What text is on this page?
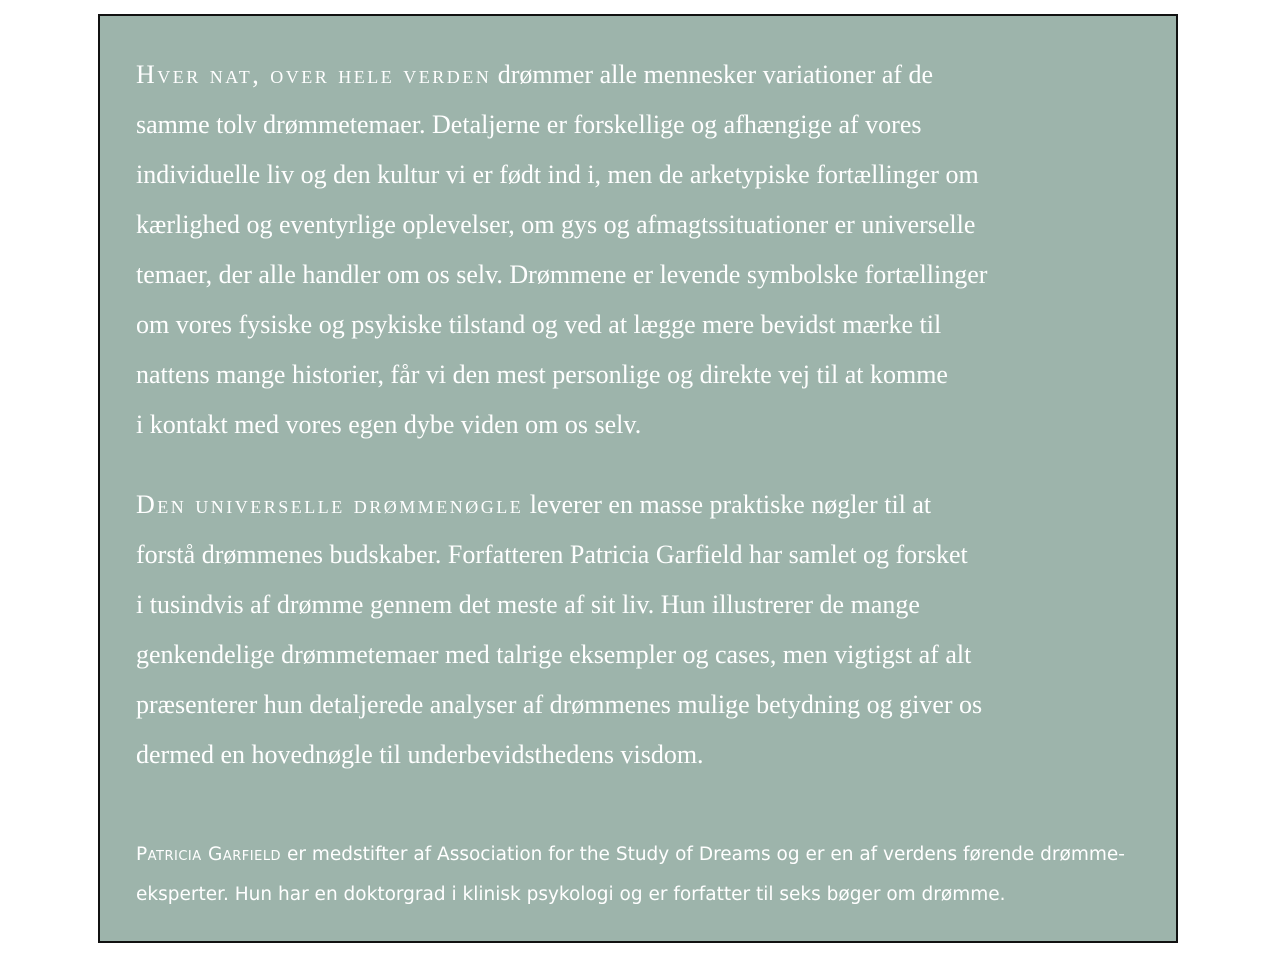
Hver nat, over hele verden drømmer alle mennesker variationer af de
samme tolv drømmetemaer. Detaljerne er forskellige og afhængige af vores
individuelle liv og den kultur vi er født ind i, men de arketypiske fortællinger om
kærlighed og eventyrlige oplevelser, om gys og afmagtssituationer er universelle
temaer, der alle handler om os selv. Drømmene er levende symbolske fortællinger
om vores fysiske og psykiske tilstand og ved at lægge mere bevidst mærke til
nattens mange historier, får vi den mest personlige og direkte vej til at komme
i kontakt med vores egen dybe viden om os selv.

Den universelle drømmenøgle leverer en masse praktiske nøgler til at
forstå drømmenes budskaber. Forfatteren Patricia Garfield har samlet og forsket
i tusindvis af drømme gennem det meste af sit liv. Hun illustrerer de mange
genkendelige drømmetemaer med talrige eksempler og cases, men vigtigst af alt
præsenterer hun detaljerede analyser af drømmenes mulige betydning og giver os
dermed en hovednøgle til underbevidsthedens visdom.

Patricia Garfield er medstifter af Association for the Study of Dreams og er en af verdens førende drømme-
eksperter. Hun har en doktorgrad i klinisk psykologi og er forfatter til seks bøger om drømme.
